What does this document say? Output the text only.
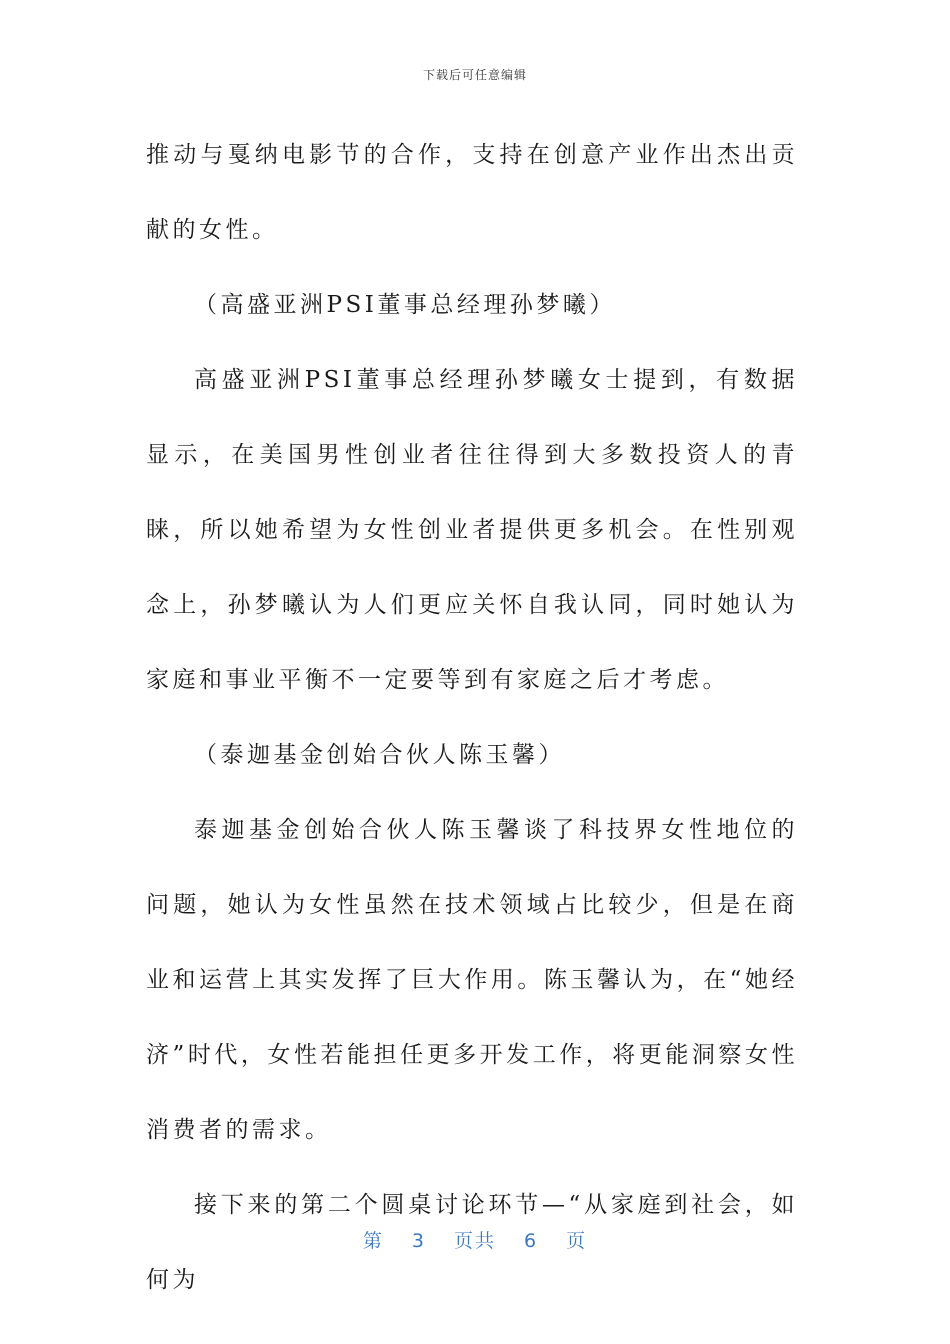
下载后可任意编辑

推动与戛纳电影节的合作，支持在创意产业作出杰出贡献的女性。

（高盛亚洲PSI董事总经理孙梦曦）

高盛亚洲PSI董事总经理孙梦曦女士提到，有数据显示，在美国男性创业者往往得到大多数投资人的青睐，所以她希望为女性创业者提供更多机会。在性别观念上，孙梦曦认为人们更应关怀自我认同，同时她认为家庭和事业平衡不一定要等到有家庭之后才考虑。

（泰迦基金创始合伙人陈玉馨）

泰迦基金创始合伙人陈玉馨谈了科技界女性地位的问题，她认为女性虽然在技术领域占比较少，但是在商业和运营上其实发挥了巨大作用。陈玉馨认为，在“她经济”时代，女性若能担任更多开发工作，将更能洞察女性消费者的需求。

接下来的第二个圆桌讨论环节—“从家庭到社会，如何为

第 3 页共 6 页
